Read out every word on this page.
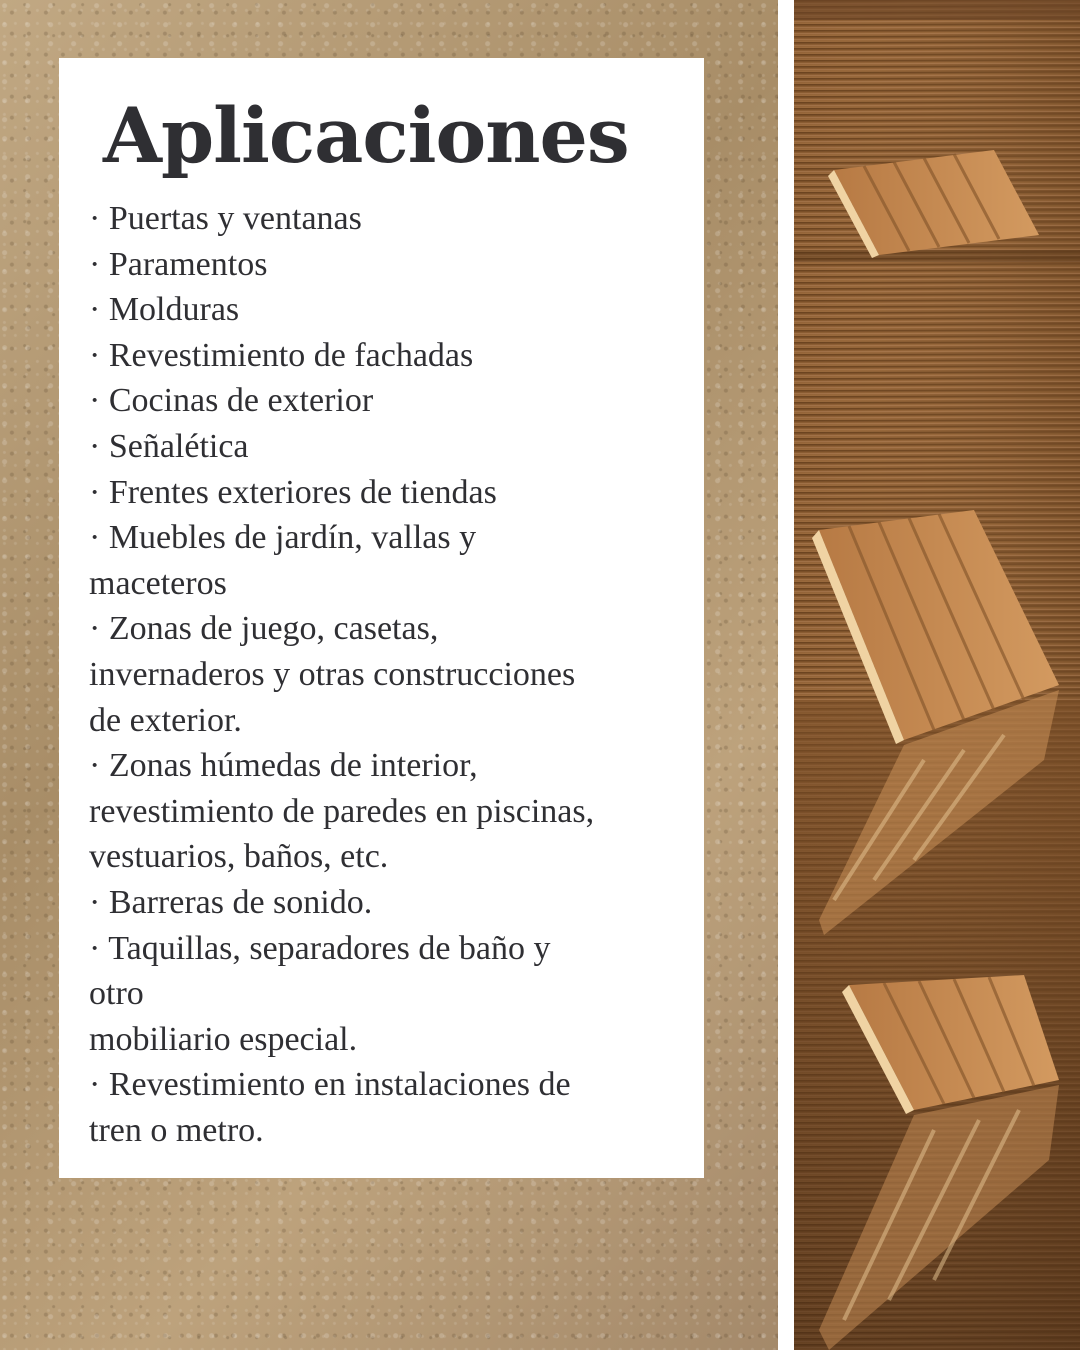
Aplicaciones
· Puertas y ventanas
· Paramentos
· Molduras
· Revestimiento de fachadas
· Cocinas de exterior
· Señalética
· Frentes exteriores de tiendas
· Muebles de jardín, vallas y
maceteros
· Zonas de juego, casetas,
invernaderos y otras construcciones
de exterior.
· Zonas húmedas de interior,
revestimiento de paredes en piscinas,
vestuarios, baños, etc.
· Barreras de sonido.
· Taquillas, separadores de baño y
otro
mobiliario especial.
· Revestimiento en instalaciones de
tren o metro.
